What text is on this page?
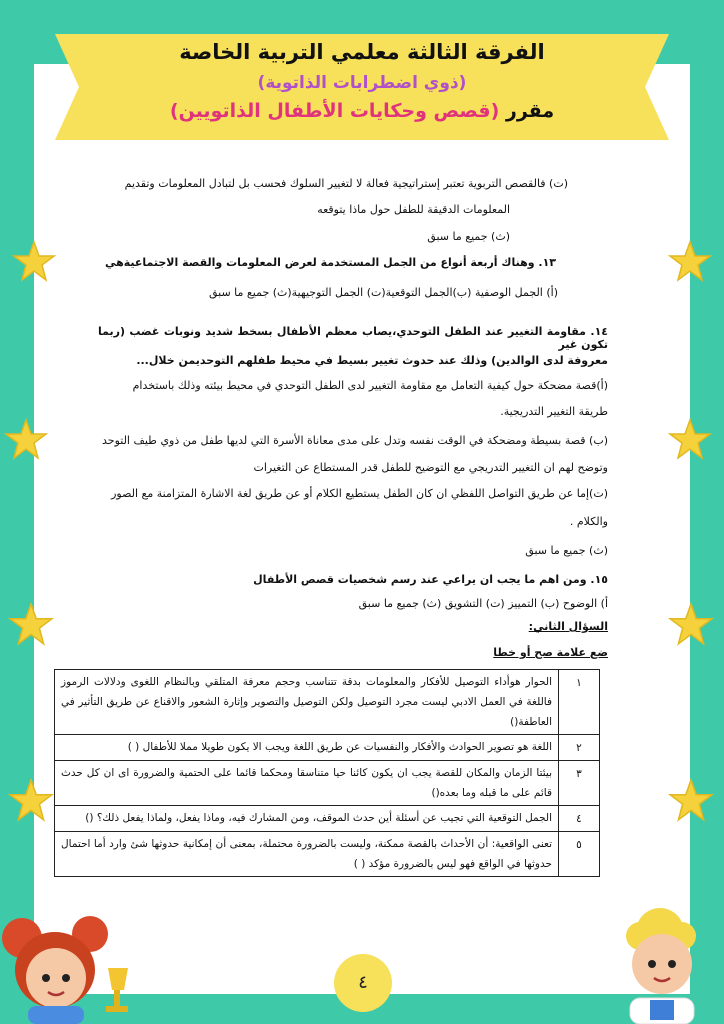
الفرقة الثالثة معلمي التربية الخاصة
(ذوي اضطرابات الذاتوية)
مقرر (قصص وحكايات الأطفال الذاتويين)
(ت) فالقصص التربوية تعتبر إستراتيجية فعالة لا لتغيير السلوك فحسب بل لتبادل المعلومات وتقديم
المعلومات الدقيقة للطفل حول ماذا يتوقعه
(ث) جميع ما سبق
١٣. وهناك أربعة أنواع من الجمل المستخدمة لعرض المعلومات والقصة الاجتماعيةهي
(أ) الجمل الوصفية (ب)الجمل التوقعية(ت) الجمل التوجيهية(ث) جميع ما سبق
١٤. مقاومة التغيير عند الطفل التوحدي،يصاب معظم الأطفال بسخط شديد ونوبات غضب (ربما تكون غير
معروفة لدى الوالدين) وذلك عند حدوث تغيير بسيط في محيط طفلهم التوحديمن خلال...
(أ)قصة مضحكة حول كيفية التعامل مع مقاومة التغيير لدى الطفل التوحدي في محيط بيئته وذلك باستخدام
طريقة التغيير التدريجية.
(ب) قصة بسيطة ومضحكة في الوقت نفسه وتدل على مدى معاناة الأسرة التي لديها طفل من ذوي طيف التوحد
وتوضح لهم ان التغيير التدريجي مع التوضيح للطفل قدر المستطاع عن التغيرات
(ت)إما عن طريق التواصل اللفظي ان كان الطفل يستطيع الكلام أو عن طريق لغة الاشارة المتزامنة مع الصور
والكلام .
(ث) جميع ما سبق
١٥. ومن اهم ما يجب ان يراعي عند رسم شخصيات قصص الأطفال
أ) الوضوح (ب) التمييز (ت) التشويق (ث) جميع ما سبق
السؤال الثاني:
ضع علامة صح أو خطا
١	الحوار هوأداء التوصيل للأفكار والمعلومات بدقة تتناسب وحجم معرفة المتلقي وبالنظام اللغوى ودلالات الرموز فاللغة في العمل الادبي ليست مجرد التوصيل ولكن التوصيل والتصوير وإثارة الشعور والاقناع عن طريق التأثير في العاطفة()
٢	اللغة هو تصوير الحوادث والأفكار والنفسيات عن طريق اللغة ويجب الا يكون طويلا مملا للأطفال ( )
٣	بيئتا الزمان والمكان للقصة يجب ان يكون كائنا حيا متناسقا ومحكما قائما على الحتمية والضرورة اى ان كل حدث قائم على ما قبله وما بعده()
٤	الجمل التوقعية التي تجيب عن أسئلة أين حدث الموقف، ومن المشارك فيه، وماذا يفعل، ولماذا يفعل ذلك؟ ()
٥	تعنى الواقعية: أن الأحداث بالقصة ممكنة، وليست بالضرورة محتملة، بمعنى أن إمكانية حدوثها شئ وارد أما احتمال حدوثها في الواقع فهو ليس بالضرورة مؤكد ( )
٤
